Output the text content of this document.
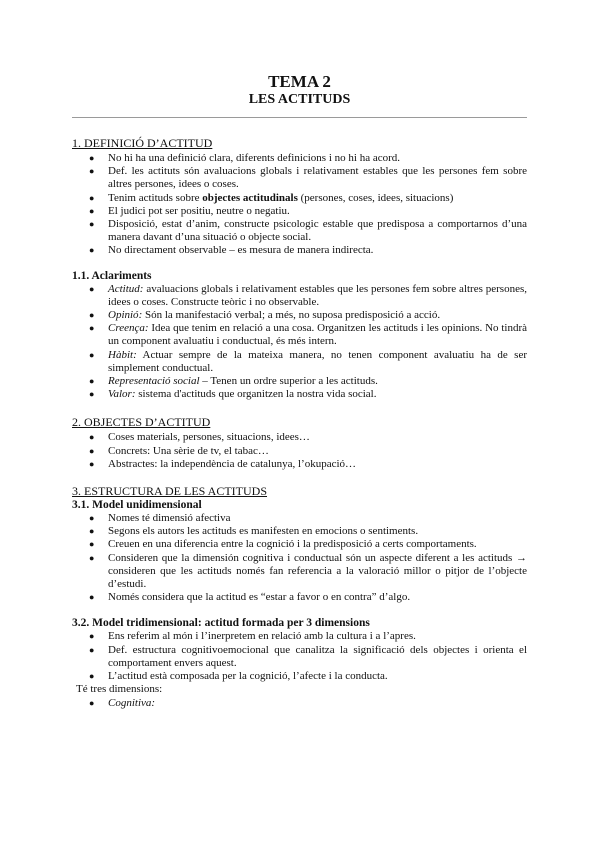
TEMA 2

LES ACTITUDS

1. DEFINICIÓ D’ACTITUD

● No hi ha una definició clara, diferents definicions i no hi ha acord.
● Def. les actituts són avaluacions globals i relativament estables que les persones fem sobre altres persones, idees o coses.
● Tenim actituds sobre objectes actitudinals (persones, coses, idees, situacions)
● El judici pot ser positiu, neutre o negatiu.
● Disposició, estat d’anim, constructe psicologic estable que predisposa a comportarnos d’una manera davant d’una situació o objecte social.
● No directament observable – es mesura de manera indirecta.

1.1. Aclariments

● Actitud: avaluacions globals i relativament estables que les persones fem sobre altres persones, idees o coses. Constructe teòric i no observable.
● Opinió: Són la manifestació verbal; a més, no suposa predisposició a acció.
● Creença: Idea que tenim en relació a una cosa. Organitzen les actituds i les opinions. No tindrà un component avaluatiu i conductual, és més intern.
● Hàbit: Actuar sempre de la mateixa manera, no tenen component avaluatiu ha de ser simplement conductual.
● Representació social – Tenen un ordre superior a les actituds.
● Valor: sistema d'actituds que organitzen la nostra vida social.

2. OBJECTES D’ACTITUD

● Coses materials, persones, situacions, idees…
● Concrets: Una sèrie de tv, el tabac…
● Abstractes: la independència de catalunya, l’okupació…

3. ESTRUCTURA DE LES ACTITUDS

3.1. Model unidimensional

● Nomes té dimensió afectiva
● Segons els autors les actituds es manifesten en emocions o sentiments.
● Creuen en una diferencia entre la cognició i la predisposició a certs comportaments.
● Consideren que la dimensión cognitiva i conductual són un aspecte diferent a les actituds → consideren que les actituds només fan referencia a la valoració millor o pitjor de l’objecte d’estudi.
● Només considera que la actitud es “estar a favor o en contra” d’algo.

3.2. Model tridimensional: actitud formada per 3 dimensions

● Ens referim al món i l’inerpretem en relació amb la cultura i a l’apres.
● Def. estructura cognitivoemocional que canalitza la significació dels objectes i orienta el comportament envers aquest.
● L’actitud està composada per la cognició, l’afecte i la conducta.

Té tres dimensions:

● Cognitiva:
